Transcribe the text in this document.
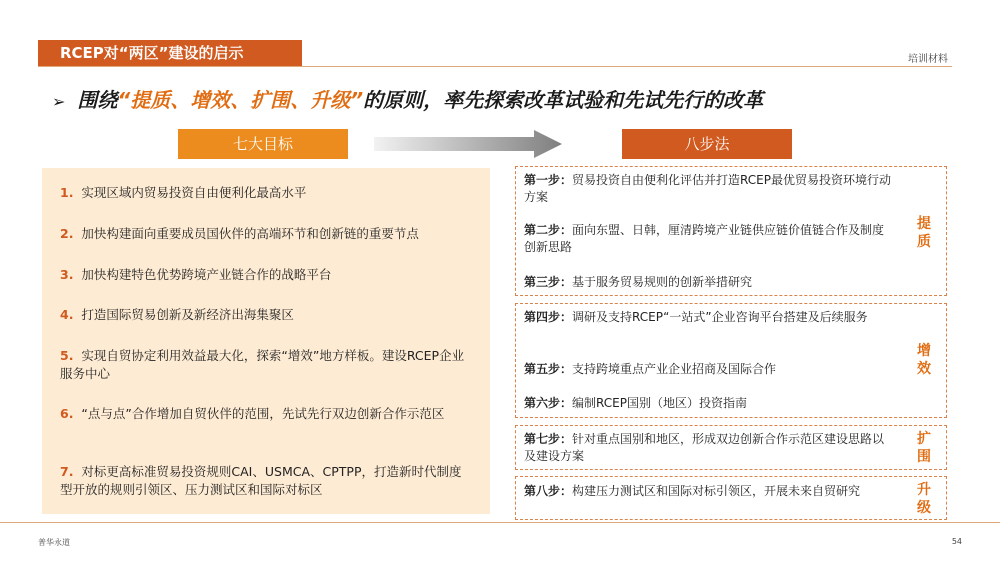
RCEP对“两区”建设的启示	培训材料
➢ 围绕“提质、增效、扩围、升级”的原则，率先探索改革试验和先试先行的改革
七大目标	八步法
1. 实现区域内贸易投资自由便利化最高水平
2. 加快构建面向重要成员国伙伴的高端环节和创新链的重要节点
3. 加快构建特色优势跨境产业链合作的战略平台
4. 打造国际贸易创新及新经济出海集聚区
5. 实现自贸协定利用效益最大化，探索“增效”地方样板。建设RCEP企业服务中心
6. “点与点”合作增加自贸伙伴的范围，先试先行双边创新合作示范区
7. 对标更高标准贸易投资规则CAI、USMCA、CPTPP，打造新时代制度型开放的规则引领区、压力测试区和国际对标区
第一步：贸易投资自由便利化评估并打造RCEP最优贸易投资环境行动方案
第二步：面向东盟、日韩，厘清跨境产业链供应链价值链合作及制度创新思路
第三步：基于服务贸易规则的创新举措研究
提质
第四步：调研及支持RCEP“一站式”企业咨询平台搭建及后续服务
第五步：支持跨境重点产业企业招商及国际合作
第六步：编制RCEP国别（地区）投资指南
增效
第七步：针对重点国别和地区，形成双边创新合作示范区建设思路以及建设方案
扩围
第八步：构建压力测试区和国际对标引领区，开展未来自贸研究	升级
普华永道	54
